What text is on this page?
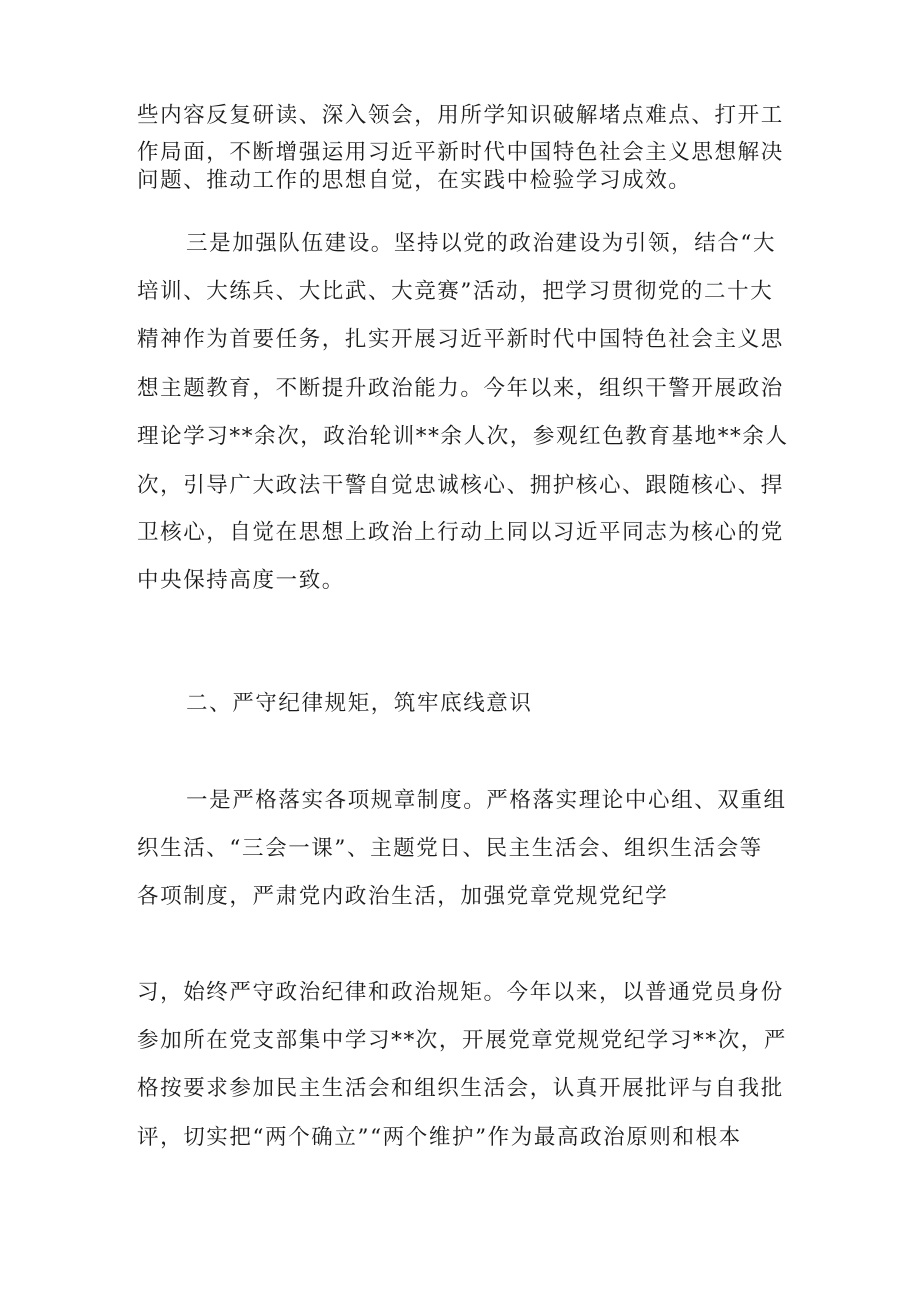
些内容反复研读、深入领会，用所学知识破解堵点难点、打开工
作局面，不断增强运用习近平新时代中国特色社会主义思想解决
问题、推动工作的思想自觉，在实践中检验学习成效。
三是加强队伍建设。坚持以党的政治建设为引领，结合“大
培训、大练兵、大比武、大竞赛”活动，把学习贯彻党的二十大
精神作为首要任务，扎实开展习近平新时代中国特色社会主义思
想主题教育，不断提升政治能力。今年以来，组织干警开展政治
理论学习**余次，政治轮训**余人次，参观红色教育基地**余人
次，引导广大政法干警自觉忠诚核心、拥护核心、跟随核心、捍
卫核心，自觉在思想上政治上行动上同以习近平同志为核心的党
中央保持高度一致。
二、严守纪律规矩，筑牢底线意识
一是严格落实各项规章制度。严格落实理论中心组、双重组
织生活、“三会一课”、主题党日、民主生活会、组织生活会等
各项制度，严肃党内政治生活，加强党章党规党纪学
习，始终严守政治纪律和政治规矩。今年以来，以普通党员身份
参加所在党支部集中学习**次，开展党章党规党纪学习**次，严
格按要求参加民主生活会和组织生活会，认真开展批评与自我批
评，切实把“两个确立”“两个维护”作为最高政治原则和根本
